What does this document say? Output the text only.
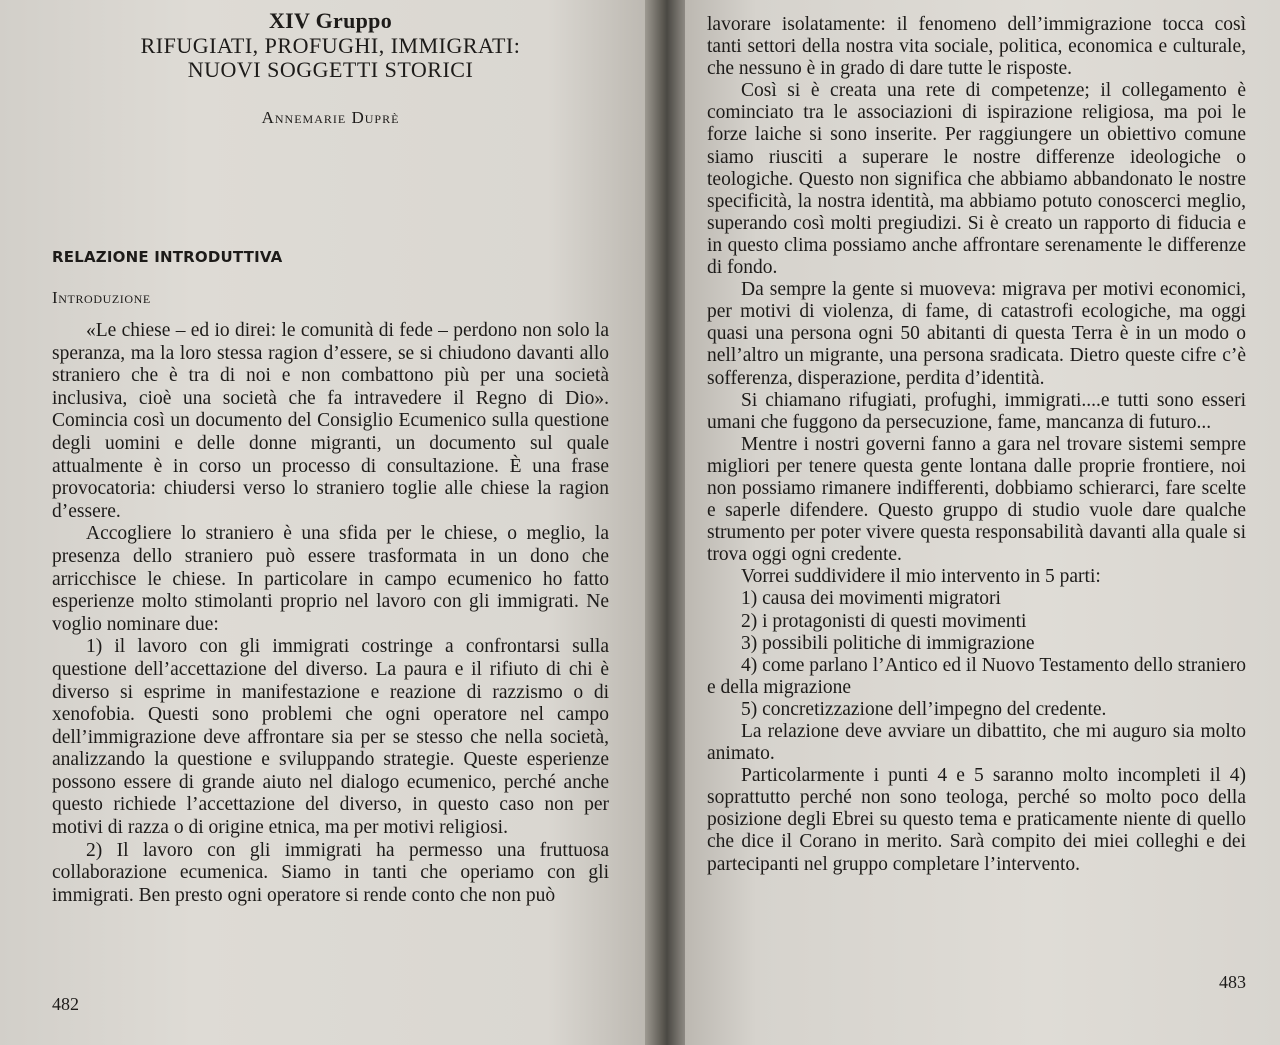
XIV Gruppo
RIFUGIATI, PROFUGHI, IMMIGRATI:
NUOVI SOGGETTI STORICI
Annemarie Duprè
RELAZIONE INTRODUTTIVA
Introduzione

«Le chiese – ed io direi: le comunità di fede – perdono non solo la speranza, ma la loro stessa ragion d’essere, se si chiudono davanti allo straniero che è tra di noi e non combattono più per una società inclusiva, cioè una società che fa intravedere il Regno di Dio». Comincia così un documento del Consiglio Ecumenico sulla questione degli uomini e delle donne migranti, un documento sul quale attualmente è in corso un processo di consultazione. È una frase provocatoria: chiudersi verso lo straniero toglie alle chiese la ragion d’essere.

Accogliere lo straniero è una sfida per le chiese, o meglio, la presenza dello straniero può essere trasformata in un dono che arricchisce le chiese. In particolare in campo ecumenico ho fatto esperienze molto stimolanti proprio nel lavoro con gli immigrati. Ne voglio nominare due:

1) il lavoro con gli immigrati costringe a confrontarsi sulla questione dell’accettazione del diverso. La paura e il rifiuto di chi è diverso si esprime in manifestazione e reazione di razzismo o di xenofobia. Questi sono problemi che ogni operatore nel campo dell’immigrazione deve affrontare sia per se stesso che nella società, analizzando la questione e sviluppando strategie. Queste esperienze possono essere di grande aiuto nel dialogo ecumenico, perché anche questo richiede l’accettazione del diverso, in questo caso non per motivi di razza o di origine etnica, ma per motivi religiosi.

2) Il lavoro con gli immigrati ha permesso una fruttuosa collaborazione ecumenica. Siamo in tanti che operiamo con gli immigrati. Ben presto ogni operatore si rende conto che non può

482

lavorare isolatamente: il fenomeno dell’immigrazione tocca così tanti settori della nostra vita sociale, politica, economica e culturale, che nessuno è in grado di dare tutte le risposte.

Così si è creata una rete di competenze; il collegamento è cominciato tra le associazioni di ispirazione religiosa, ma poi le forze laiche si sono inserite. Per raggiungere un obiettivo comune siamo riusciti a superare le nostre differenze ideologiche o teologiche. Questo non significa che abbiamo abbandonato le nostre specificità, la nostra identità, ma abbiamo potuto conoscerci meglio, superando così molti pregiudizi. Si è creato un rapporto di fiducia e in questo clima possiamo anche affrontare serenamente le differenze di fondo.

Da sempre la gente si muoveva: migrava per motivi economici, per motivi di violenza, di fame, di catastrofi ecologiche, ma oggi quasi una persona ogni 50 abitanti di questa Terra è in un modo o nell’altro un migrante, una persona sradicata. Dietro queste cifre c’è sofferenza, disperazione, perdita d’identità.

Si chiamano rifugiati, profughi, immigrati....e tutti sono esseri umani che fuggono da persecuzione, fame, mancanza di futuro...

Mentre i nostri governi fanno a gara nel trovare sistemi sempre migliori per tenere questa gente lontana dalle proprie frontiere, noi non possiamo rimanere indifferenti, dobbiamo schierarci, fare scelte e saperle difendere. Questo gruppo di studio vuole dare qualche strumento per poter vivere questa responsabilità davanti alla quale si trova oggi ogni credente.

Vorrei suddividere il mio intervento in 5 parti:

1) causa dei movimenti migratori

2) i protagonisti di questi movimenti

3) possibili politiche di immigrazione

4) come parlano l’Antico ed il Nuovo Testamento dello straniero e della migrazione

5) concretizzazione dell’impegno del credente.

La relazione deve avviare un dibattito, che mi auguro sia molto animato.

Particolarmente i punti 4 e 5 saranno molto incompleti il 4) soprattutto perché non sono teologa, perché so molto poco della posizione degli Ebrei su questo tema e praticamente niente di quello che dice il Corano in merito. Sarà compito dei miei colleghi e dei partecipanti nel gruppo completare l’intervento.

483
